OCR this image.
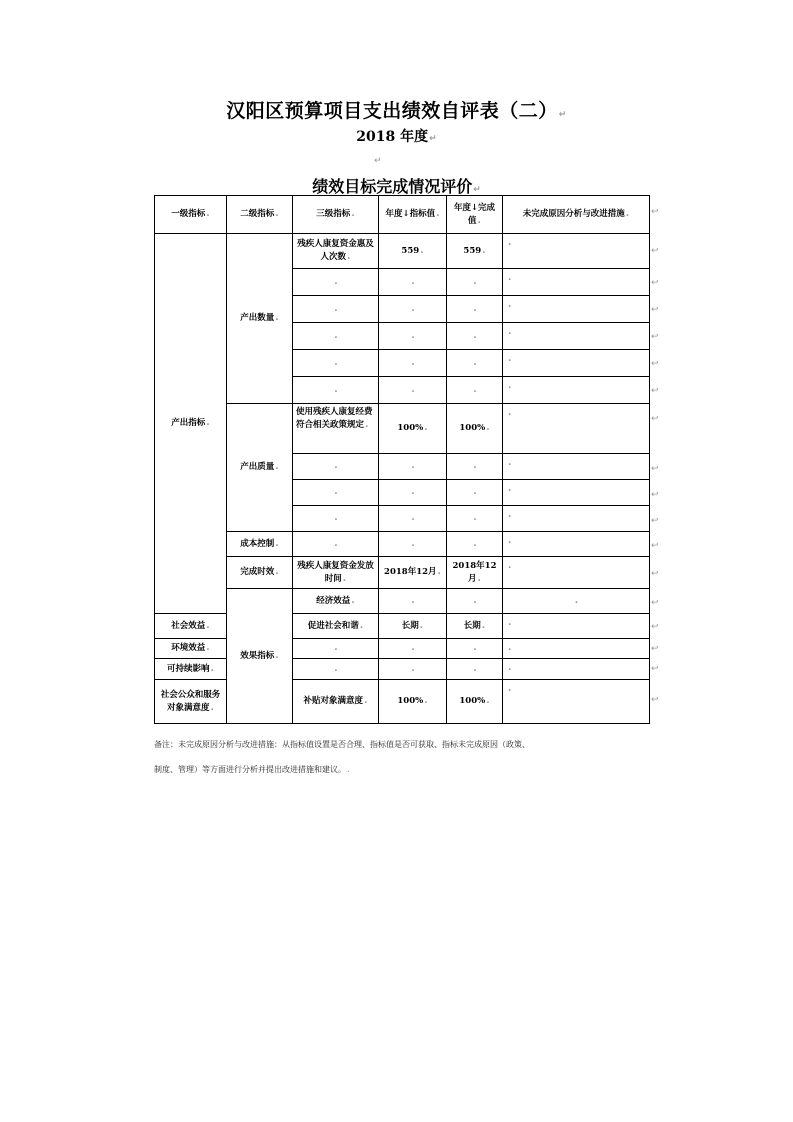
汉阳区预算项目支出绩效自评表（二）↵
2018 年度↵
↵
绩效目标完成情况评价↵
一级指标.	二级指标.	三级指标.	年度↓指标值.	年度↓完成值.	未完成原因分析与改进措施.	
产出指标.	产出数量.	残疾人康复资金惠及人次数.	559.	559.	.	
		.	.	.	.	
		.	.	.	.	
		.	.	.	.	
		.	.	.	.	
		.	.	.	.	
	产出质量.	使用残疾人康复经费符合相关政策规定.	100%.	100%.	.	
		.	.	.	.	
		.	.	.	.	
		.	.	.	.	
	成本控制.	.	.	.	.	
	完成时效.	残疾人康复资金发放时间.	2018年12月.	2018年12月.	.	
	效果指标.	经济效益.	.	.	.	
社会效益.		促进社会和谐.	长期.	长期.	.	
环境效益.		.	.	.	.	
可持续影响.		.	.	.	.	
社会公众和服务对象满意度.		补贴对象满意度.	100%.	100%.	.	
↩
↩
↩
↩
↩
↩
↩
↩
↩
↩
↩
↩
↩
↩
↩
↩
↩
↩
备注：未完成原因分析与改进措施：从指标值设置是否合理、指标值是否可获取、指标未完成原因（政策、
制度、管理）等方面进行分析并提出改进措施和建议。.
